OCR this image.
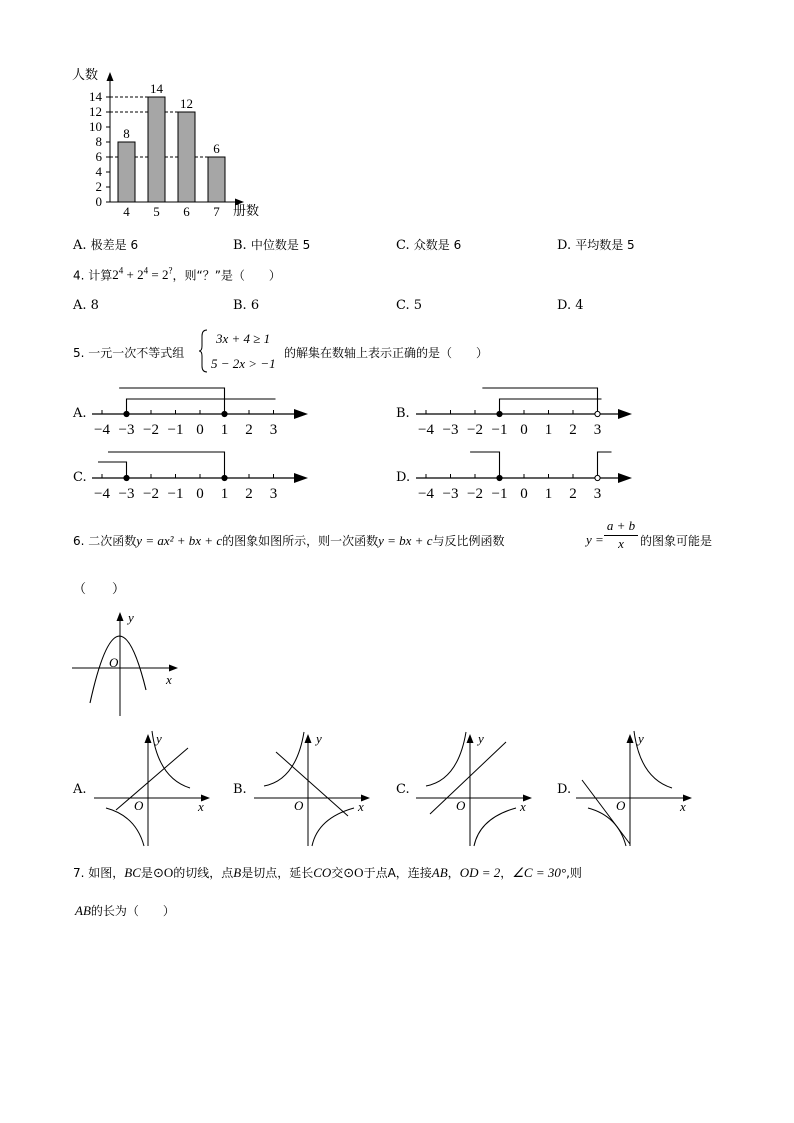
人数
册数
0
2
4
6
8
10
12
14
8
4
14
5
12
6
6
7
A. 极差是 6	B. 中位数是 5	C. 众数是 6	D. 平均数是 5
4. 计算$2^4 + 2^4 = 2^?$，则“？”是（　　）
A. 8	B. 6	C. 5	D. 4
5. 一元一次不等式组
3x + 4 ≥ 1
5 − 2x > −1
的解集在数轴上表示正确的是（　　）
A.	B.
C.	D.
−4 −3 −2 −1 0 1 2 3	−4 −3 −2 −1 0 1 2 3
−4 −3 −2 −1 0 1 2 3	−4 −3 −2 −1 0 1 2 3
6. 二次函数y = ax² + bx + c的图象如图所示，则一次函数y = bx + c与反比例函数	$y = \frac{a + b}{x}$ 的图象可能是
（　　）
y
x
O
A.	B.	C.	D.
y
x
O
y
x
O
y
x
O
y
x
O
7. 如图，BC是⊙O的切线，点B是切点，延长CO交⊙O于点A，连接AB，OD = 2，∠C = 30°,则
AB的长为（　　）
